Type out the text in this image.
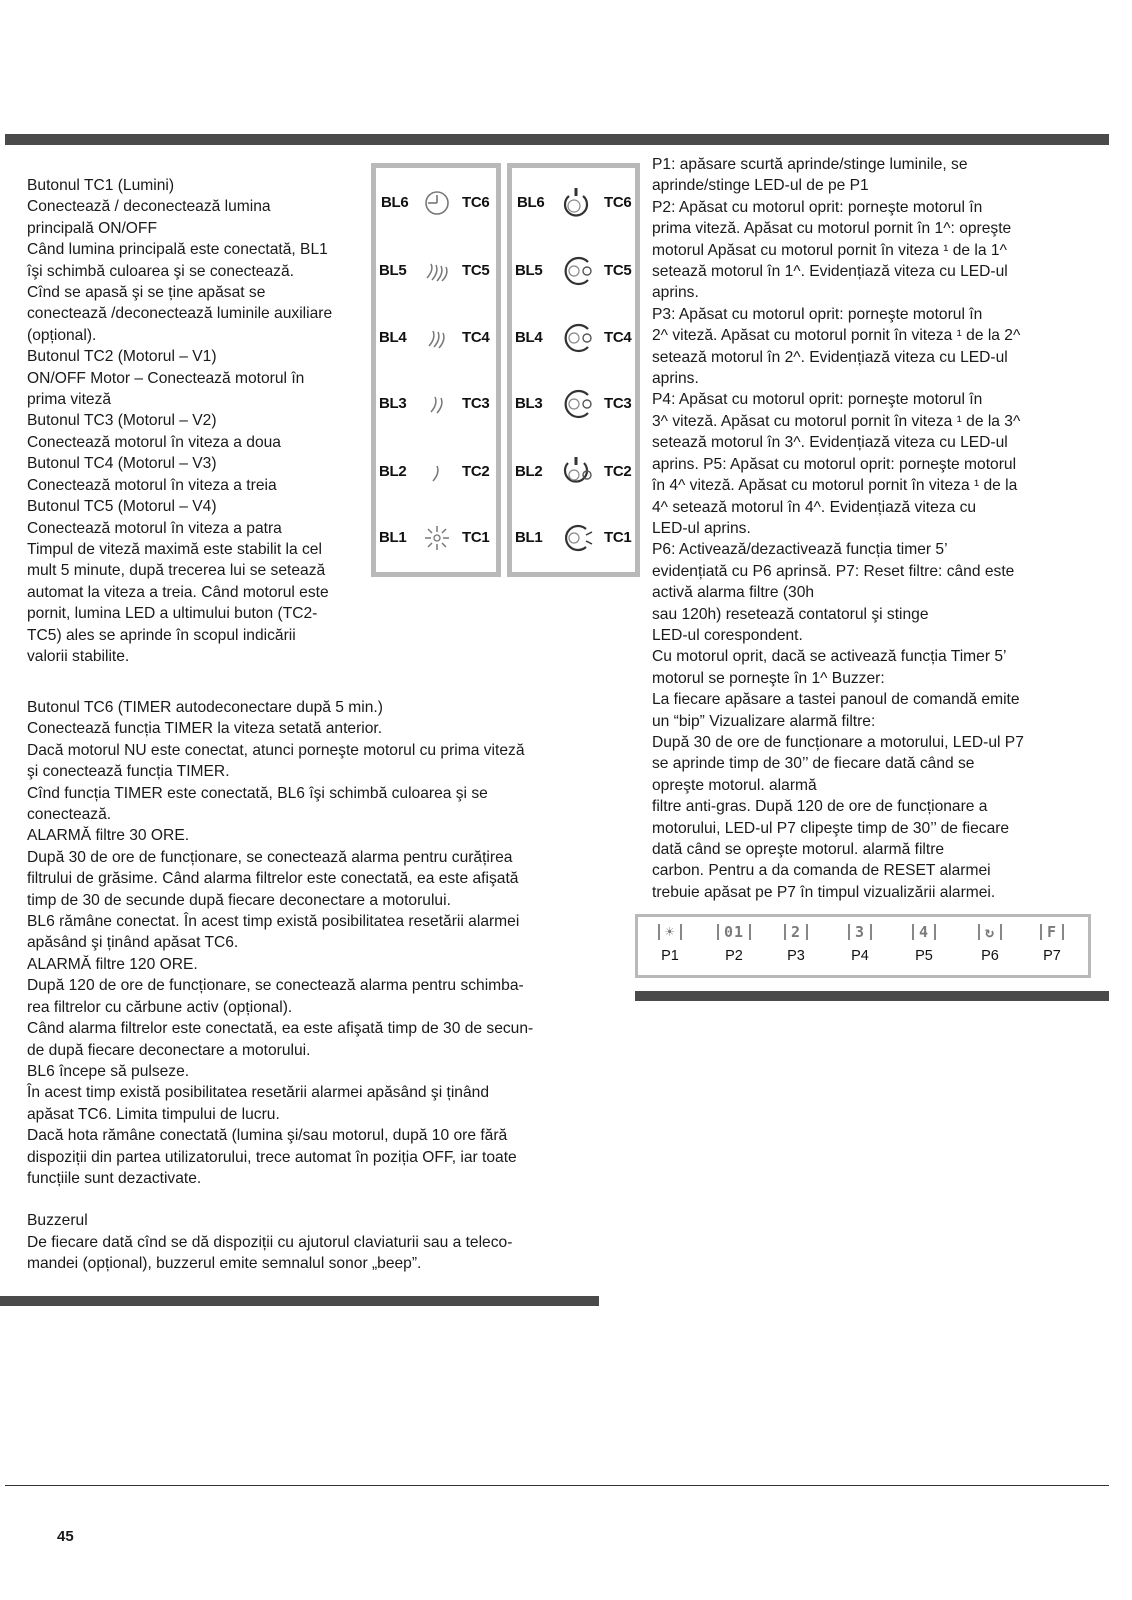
Butonul TC1 (Lumini)

Conectează / deconectează lumina

principală ON/OFF

Când lumina principală este conectată, BL1

îşi schimbă culoarea şi se conectează.

Cînd se apasă şi se ține apăsat se

conectează /deconectează luminile auxiliare

(opțional).

Butonul TC2 (Motorul – V1)

ON/OFF Motor – Conectează motorul în

prima viteză

Butonul TC3 (Motorul – V2)

Conectează motorul în viteza a doua

Butonul TC4 (Motorul – V3)

Conectează motorul în viteza a treia

Butonul TC5 (Motorul – V4)

Conectează motorul în viteza a patra

Timpul de viteză maximă este stabilit la cel

mult 5 minute, după trecerea lui se setează

automat la viteza a treia. Când motorul este

pornit, lumina LED a ultimului buton (TC2-

TC5) ales se aprinde în scopul indicării

valorii stabilite.

BL6	TC6
BL5	TC5
BL4	TC4
BL3	TC3
BL2	TC2
BL1	TC1
BL6	TC6
BL5	TC5
BL4	TC4
BL3	TC3
BL2	TC2
BL1	TC1

P1: apăsare scurtă aprinde/stinge luminile, se

aprinde/stinge LED-ul de pe P1

P2: Apăsat cu motorul oprit: porneşte motorul în

prima viteză. Apăsat cu motorul pornit în 1^: opreşte

motorul Apăsat cu motorul pornit în viteza ¹ de la 1^

setează motorul în 1^. Evidențiază viteza cu LED-ul

aprins.

P3: Apăsat cu motorul oprit: porneşte motorul în

2^ viteză. Apăsat cu motorul pornit în viteza ¹ de la 2^

setează motorul în 2^. Evidențiază viteza cu LED-ul

aprins.

P4: Apăsat cu motorul oprit: porneşte motorul în

3^ viteză. Apăsat cu motorul pornit în viteza ¹ de la 3^

setează motorul în 3^. Evidențiază viteza cu LED-ul

aprins. P5: Apăsat cu motorul oprit: porneşte motorul

în 4^ viteză. Apăsat cu motorul pornit în viteza ¹ de la

4^ setează motorul în 4^. Evidențiază viteza cu

LED-ul aprins.

P6: Activează/dezactivează funcția timer 5’

evidențiată cu P6 aprinsă. P7: Reset filtre: când este

activă alarma filtre (30h

sau 120h) resetează contatorul şi stinge

LED-ul corespondent.

Cu motorul oprit, dacă se activează funcția Timer 5’

motorul se porneşte în 1^ Buzzer:

La fiecare apăsare a tastei panoul de comandă emite

un “bip” Vizualizare alarmă filtre:

După 30 de ore de funcționare a motorului, LED-ul P7

se aprinde timp de 30’’ de fiecare dată când se

opreşte motorul. alarmă

filtre anti-gras. După 120 de ore de funcționare a

motorului, LED-ul P7 clipeşte timp de 30’’ de fiecare

dată când se opreşte motorul. alarmă filtre

carbon. Pentru a da comanda de RESET alarmei

trebuie apăsat pe P7 în timpul vizualizării alarmei.

☀
P1
01
P2
2
P3
3
P4
4
P5
↻
P6
F
P7

Butonul TC6 (TIMER autodeconectare după 5 min.)

Conectează funcția TIMER la viteza setată anterior.

Dacă motorul NU este conectat, atunci porneşte motorul cu prima viteză

şi conectează funcția TIMER.

Cînd funcția TIMER este conectată, BL6 îşi schimbă culoarea şi se

conectează.

ALARMĂ filtre 30 ORE.

După 30 de ore de funcționare, se conectează alarma pentru curățirea

filtrului de grăsime. Când alarma filtrelor este conectată, ea este afişată

timp de 30 de secunde după fiecare deconectare a motorului.

BL6 rămâne conectat. În acest timp există posibilitatea resetării alarmei

apăsând şi ținând apăsat TC6.

ALARMĂ filtre 120 ORE.

După 120 de ore de funcționare, se conectează alarma pentru schimba-

rea filtrelor cu cărbune activ (opțional).

Când alarma filtrelor este conectată, ea este afişată timp de 30 de secun-

de după fiecare deconectare a motorului.

BL6 începe să pulseze.

În acest timp există posibilitatea resetării alarmei apăsând şi ținând

apăsat TC6. Limita timpului de lucru.

Dacă hota rămâne conectată (lumina şi/sau motorul, după 10 ore fără

dispoziții din partea utilizatorului, trece automat în poziția OFF, iar toate

funcțiile sunt dezactivate.

Buzzerul

De fiecare dată cînd se dă dispoziții cu ajutorul claviaturii sau a teleco-

mandei (opțional), buzzerul emite semnalul sonor „beep”.

45
